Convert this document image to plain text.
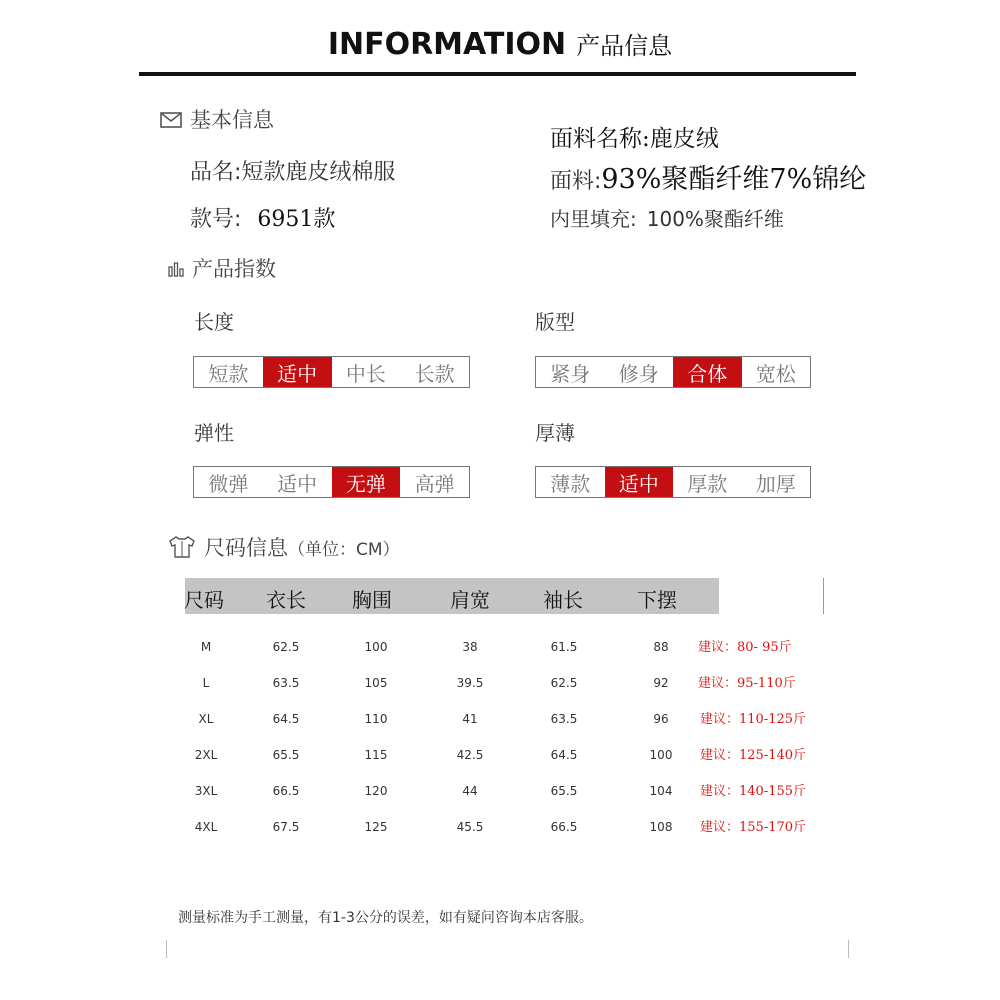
INFORMATION 产品信息
基本信息
品名:短款鹿皮绒棉服
款号: 6951款
面料名称:鹿皮绒
面料:93%聚酯纤维7%锦纶
内里填充: 100%聚酯纤维
产品指数
长度	版型
弹性	厚薄
短款	适中	中长	长款	紧身	修身	合体	宽松
微弹	适中	无弹	高弹	薄款	适中	厚款	加厚
尺码信息（单位：CM）
尺码 衣长 胸围	肩宽	袖长	下摆
M	62.5	100	38	61.5	88 建议：80- 95斤
L	63.5	105	39.5	62.5	92 建议：95-110斤
XL	64.5	110	41	63.5	96 建议：110-125斤
2XL	65.5	115	42.5	64.5	100 建议：125-140斤
3XL	66.5	120	44	65.5	104 建议：140-155斤
4XL	67.5	125	45.5	66.5	108 建议：155-170斤
测量标准为手工测量，有1-3公分的误差，如有疑问咨询本店客服。
